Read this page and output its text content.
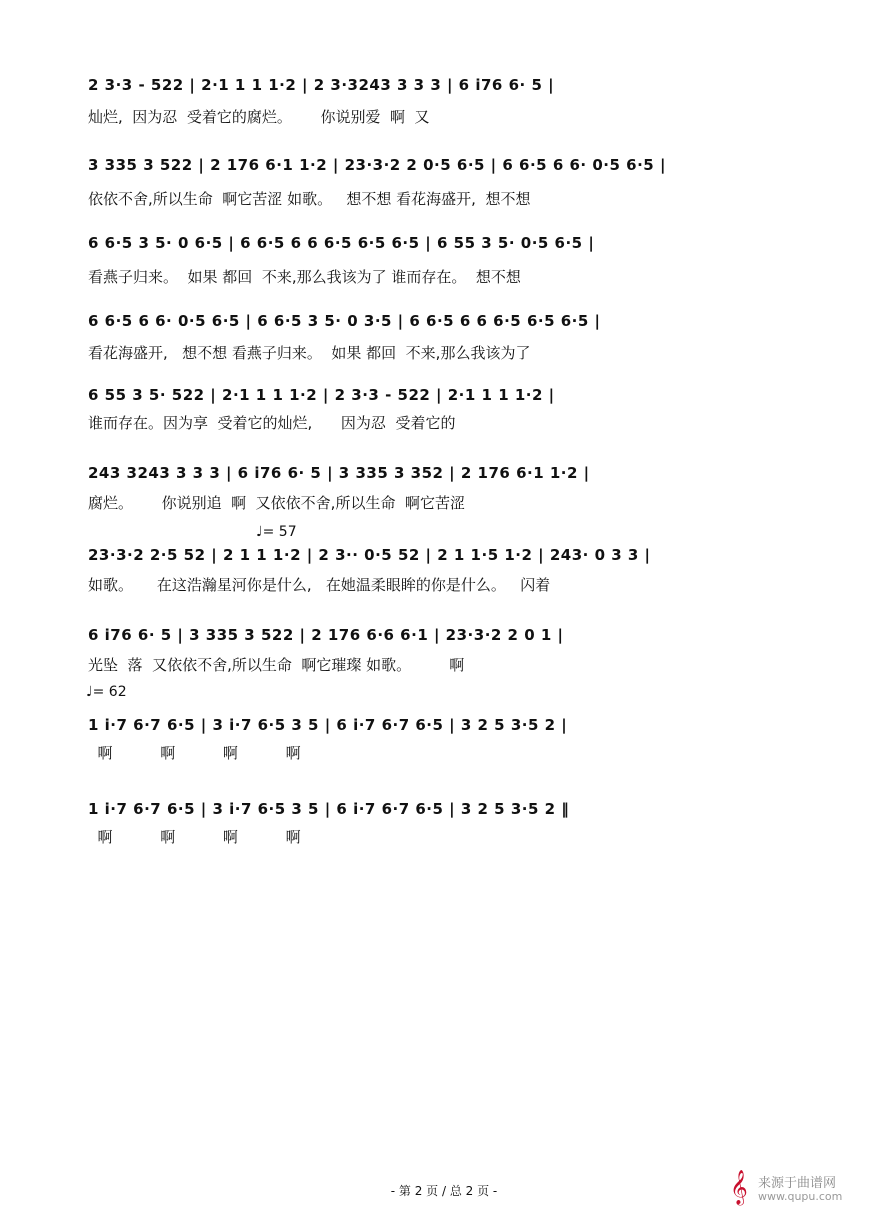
2 3·3 - 522 | 2·1 1 1 1·2 | 2 3·3243 3 3 3 | 6 i76 6· 5 |
灿烂,  因为忍  受着它的腐烂。      你说别爱  啊  又
3 335 3 522 | 2 176 6·1 1·2 | 23·3·2 2 0·5 6·5 | 6 6·5 6 6· 0·5 6·5 |
依依不舍,所以生命  啊它苦涩 如歌。   想不想 看花海盛开,  想不想
6 6·5 3 5· 0 6·5 | 6 6·5 6 6 6·5 6·5 6·5 | 6 55 3 5· 0·5 6·5 |
看燕子归来。  如果 都回  不来,那么我该为了 谁而存在。  想不想
6 6·5 6 6· 0·5 6·5 | 6 6·5 3 5· 0 3·5 | 6 6·5 6 6 6·5 6·5 6·5 |
看花海盛开,   想不想 看燕子归来。  如果 都回  不来,那么我该为了
6 55 3 5· 522 | 2·1 1 1 1·2 | 2 3·3 - 522 | 2·1 1 1 1·2 |
谁而存在。因为享  受着它的灿烂,      因为忍  受着它的
243 3243 3 3 3 | 6 i76 6· 5 | 3 335 3 352 | 2 176 6·1 1·2 |
腐烂。      你说别追  啊  又依依不舍,所以生命  啊它苦涩
♩= 57
23·3·2 2·5 52 | 2 1 1 1·2 | 2 3·· 0·5 52 | 2 1 1·5 1·2 | 243· 0 3 3 |
如歌。     在这浩瀚星河你是什么,   在她温柔眼眸的你是什么。   闪着
6 i76 6· 5 | 3 335 3 522 | 2 176 6·6 6·1 | 23·3·2 2 0 1 |
光坠  落  又依依不舍,所以生命  啊它璀璨 如歌。        啊
♩= 62
1 i·7 6·7 6·5 | 3 i·7 6·5 3 5 | 6 i·7 6·7 6·5 | 3 2 5 3·5 2 |
啊          啊          啊          啊
1 i·7 6·7 6·5 | 3 i·7 6·5 3 5 | 6 i·7 6·7 6·5 | 3 2 5 3·5 2 ‖
啊          啊          啊          啊
- 第 2 页 / 总 2 页 -	𝄞 来源于曲谱网
www.qupu.com
